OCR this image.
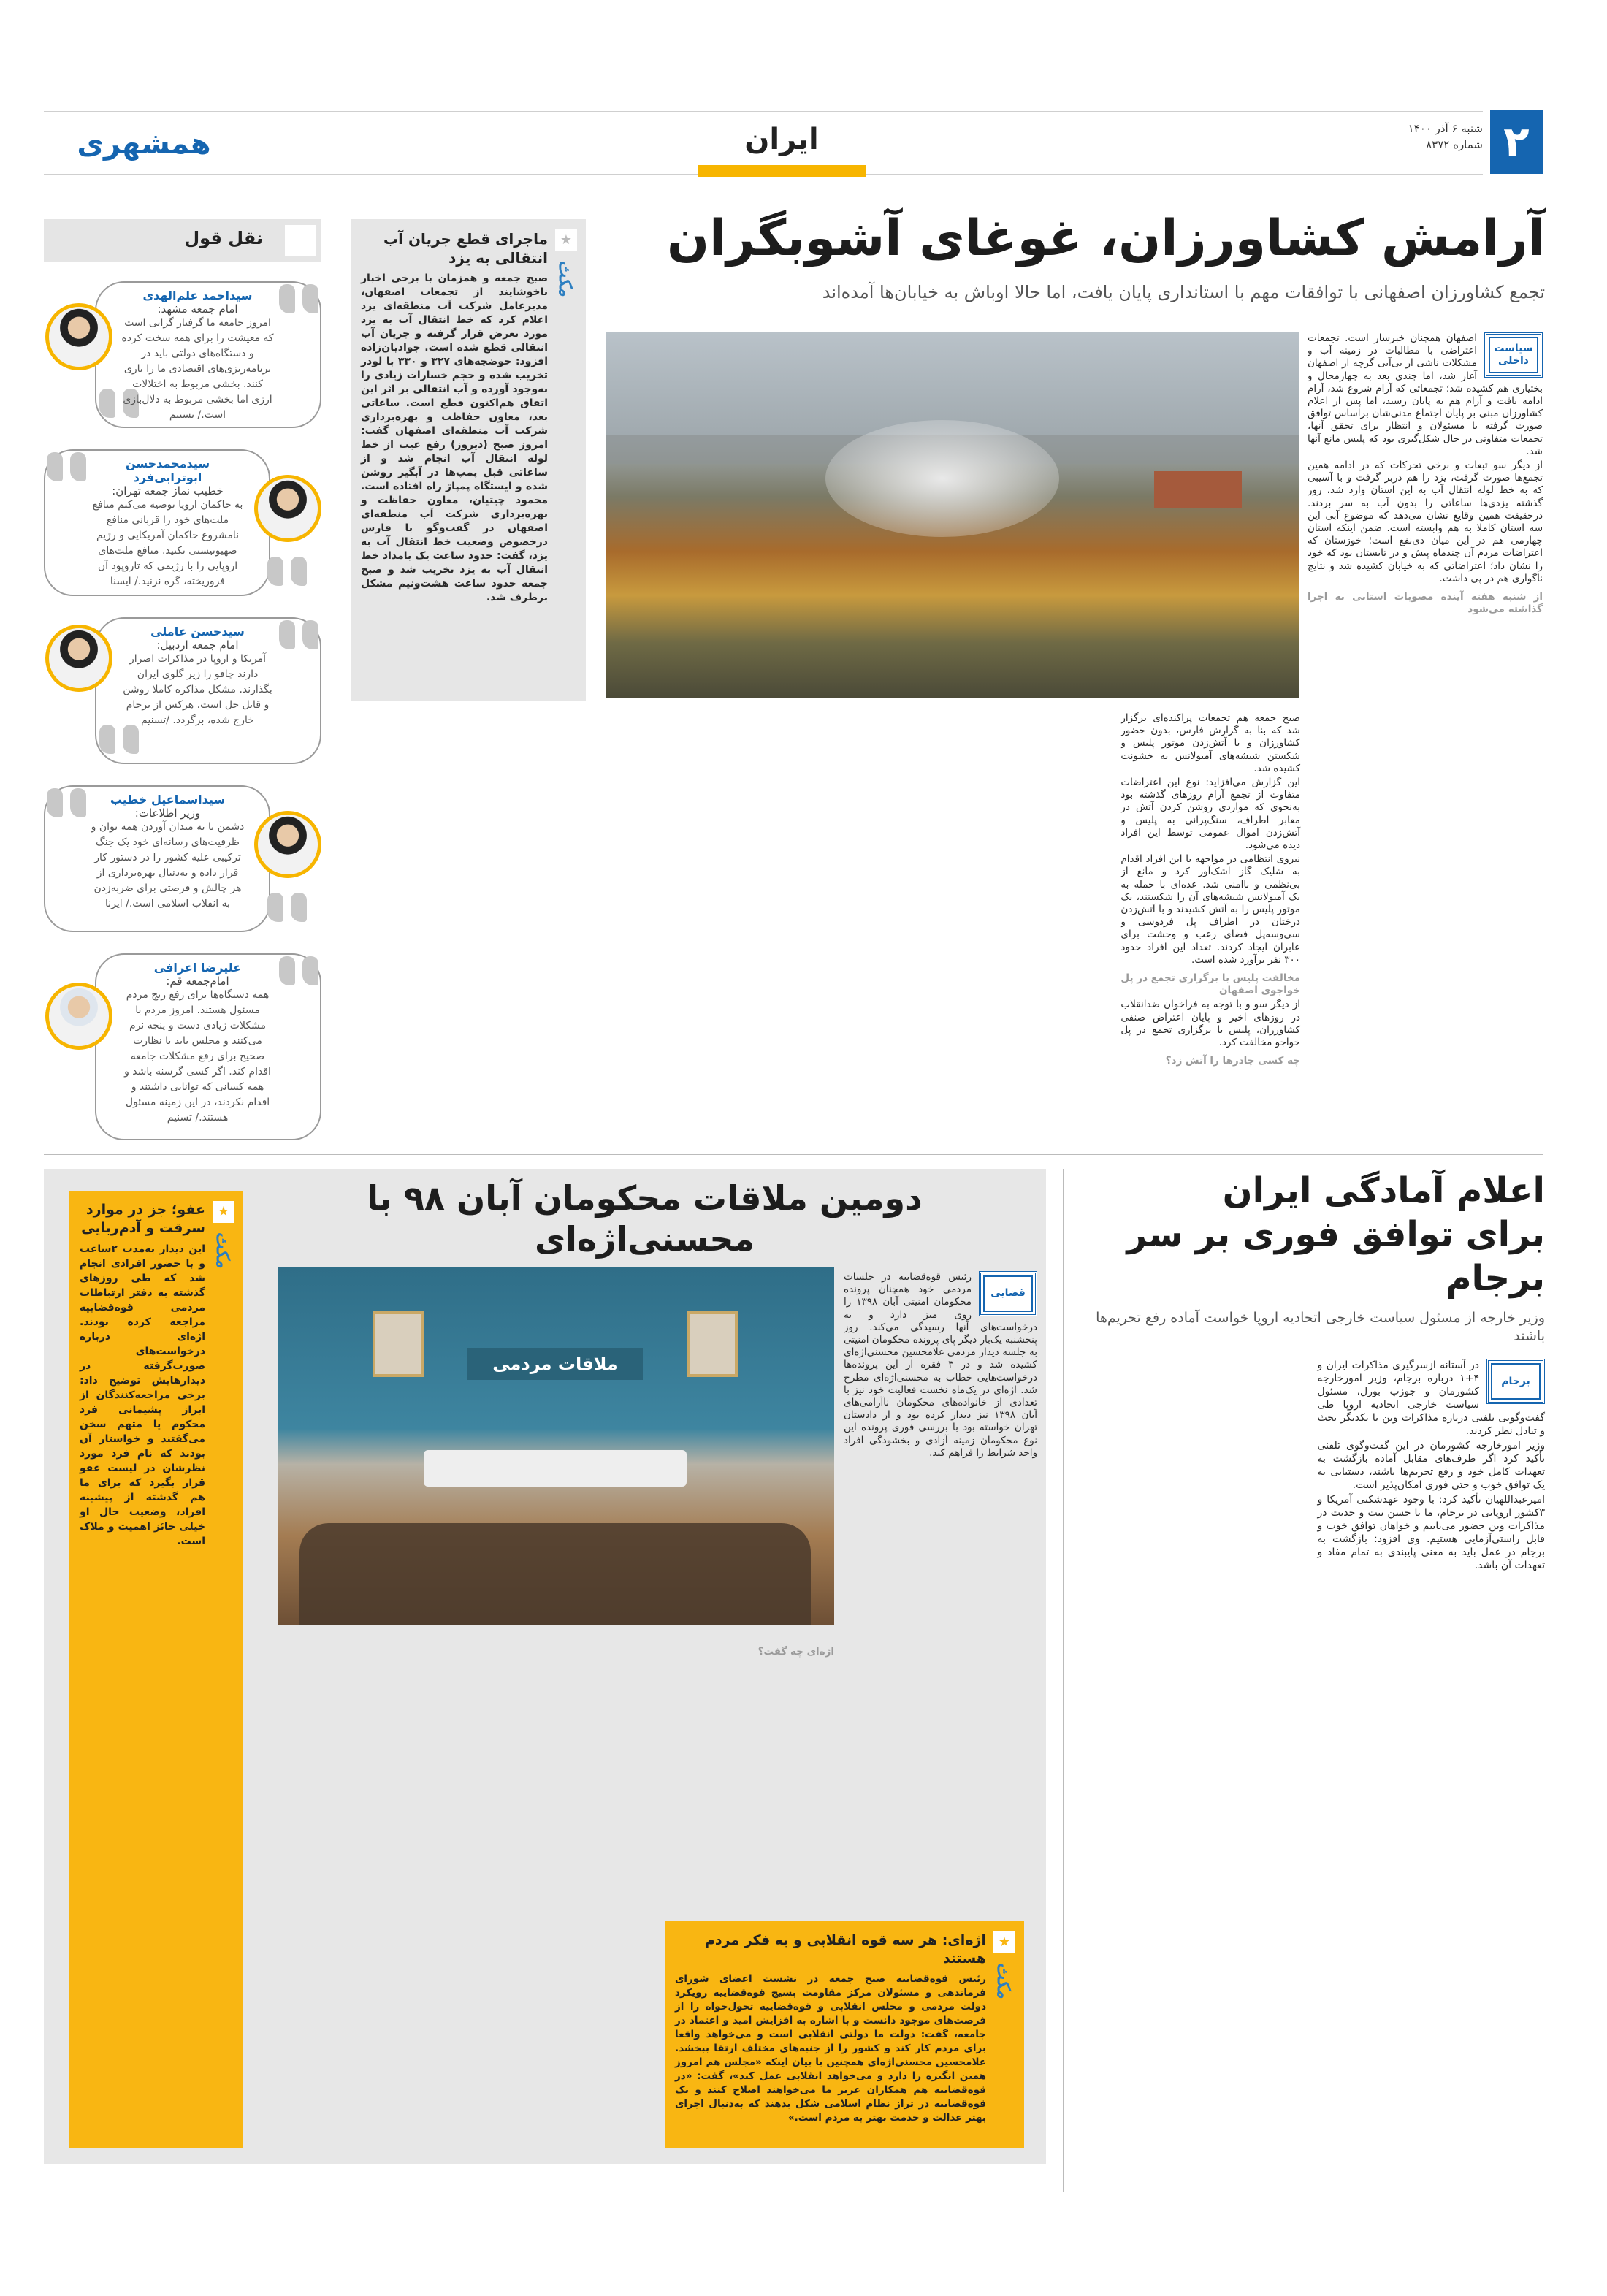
۲
شنبه ۶ آذر ۱۴۰۰
شماره ۸۳۷۲
ایران
همشهری
آرامش کشاورزان، غوغای آشوبگران
تجمع کشاورزان اصفهانی با توافقات مهم با استانداری پایان یافت، اما حالا اوباش به خیابان‌ها آمده‌اند
سیاست داخلی

اصفهان همچنان خبرساز است. تجمعات اعتراضی با مطالبات در زمینه آب و مشکلات ناشی از بی‌آبی گرچه از اصفهان آغاز شد، اما چندی بعد به چهارمحال و بختیاری هم کشیده شد؛ تجمعاتی که آرام شروع شد، آرام ادامه یافت و آرام هم به پایان رسید، اما پس از اعلام کشاورزان مبنی بر پایان اجتماع مدنی‌شان براساس توافق صورت گرفته با مسئولان و انتظار برای تحقق آنها، تجمعات متفاوتی در حال شکل‌گیری بود که پلیس مانع آنها شد.

از دیگر سو تبعات و برخی تحرکات که در ادامه همین تجمع‌ها صورت گرفت، یزد را هم دربر گرفت و با آسیبی که به خط لوله انتقال آب به این استان وارد شد، روز گذشته یزدی‌ها ساعاتی را بدون آب به سر بردند. درحقیقت همین وقایع نشان می‌دهد که موضوع آبی این سه استان کاملا به هم وابسته است. ضمن اینکه استان چهارمی هم در این میان ذی‌نفع است؛ خوزستان که اعتراضات مردم آن چندماه پیش و در تابستان بود که خود را نشان داد؛ اعتراضاتی که به خیابان کشیده شد و نتایج ناگواری هم در پی داشت.

از شنبه هفته آینده مصوبات استانی به اجرا گذاشته می‌شود

صبح جمعه هم تجمعات پراکنده‌ای برگزار شد که بنا به گزارش فارس، بدون حضور کشاورزان و با آتش‌زدن موتور پلیس و شکستن شیشه‌های آمبولانس به خشونت کشیده شد.

این گزارش می‌افزاید: نوع این اعتراضات متفاوت از تجمع آرام روزهای گذشته بود به‌نحوی که مواردی روشن کردن آتش در معابر اطراف، سنگ‌پرانی به پلیس و آتش‌زدن اموال عمومی توسط این افراد دیده می‌شود.

نیروی انتظامی در مواجهه با این افراد اقدام به شلیک گاز اشک‌آور کرد و مانع از بی‌نظمی و ناامنی شد. عده‌ای با حمله به یک آمبولانس شیشه‌های آن را شکستند، یک موتور پلیس را به آتش کشیدند و با آتش‌زدن درختان در اطراف پل فردوسی و سی‌وسه‌پل فضای رعب و وحشت برای عابران ایجاد کردند. تعداد این افراد حدود ۳۰۰ نفر برآورد شده است.

مخالفت پلیس با برگزاری تجمع در پل خواجوی اصفهان

از دیگر سو و با توجه به فراخوان ضدانقلاب در روزهای اخیر و پایان اعتراض صنفی کشاورزان، پلیس با برگزاری تجمع در پل خواجو مخالفت کرد.

چه کسی چادرها را آتش زد؟
★
مکث
ماجرای قطع جریان آب انتقالی به یزد
صبح جمعه و همزمان با برخی اخبار ناخوشایند از تجمعات اصفهان، مدیرعامل شرکت آب منطقه‌ای یزد اعلام کرد که خط انتقال آب به یزد مورد تعرض قرار گرفته و جریان آب انتقالی قطع شده است. جوادیان‌زاده افزود: حوضچه‌های ۳۲۷ و ۳۳۰ با لودر تخریب شده و حجم خسارات زیادی را به‌وجود آورده و آب انتقالی بر اثر این اتفاق هم‌اکنون قطع است. ساعاتی بعد، معاون حفاظت و بهره‌برداری شرکت آب منطقه‌ای اصفهان گفت: امروز صبح (دیروز) رفع عیب از خط لوله انتقال آب انجام شد و از ساعاتی قبل پمپ‌ها در آبگیر روشن شده و ایستگاه پمپاژ راه افتاده است. محمود چیتیان، معاون حفاظت و بهره‌برداری شرکت آب منطقه‌ای اصفهان در گفت‌وگو با فارس درخصوص وضعیت خط انتقال آب به یزد، گفت: حدود ساعت یک بامداد خط انتقال آب به یزد تخریب شد و صبح جمعه حدود ساعت هشت‌ونیم مشکل برطرف شد.
نقل قول
سیداحمد علم‌الهدی
امام جمعه مشهد:
امروز جامعه ما گرفتار گرانی است که معیشت را برای همه سخت کرده و دستگاه‌های دولتی باید در برنامه‌ریزی‌های اقتصادی ما را یاری کنند. بخشی مربوط به اختلالات ارزی اما بخشی مربوط به دلال‌بازی است./ تسنیم
سیدمحمدحسن ابوترابی‌فرد
خطیب نماز جمعه تهران:
به حاکمان اروپا توصیه می‌کنم منافع ملت‌های خود را قربانی منافع نامشروع حاکمان آمریکایی و رژیم صهیونیستی نکنید. منافع ملت‌های اروپایی را با رژیمی که تاروپود آن فروریخته، گره نزنید./ ایسنا
سیدحسن عاملی
امام جمعه اردبیل:
آمریکا و اروپا در مذاکرات اصرار دارند چاقو را زیر گلوی ایران بگذارند. مشکل مذاکره کاملا روشن و قابل حل است. هرکس از برجام خارج شده، برگردد. /تسنیم
سیداسماعیل خطیب
وزیر اطلاعات:
دشمن با به میدان آوردن همه توان و ظرفیت‌های رسانه‌ای خود یک جنگ ترکیبی علیه کشور را در دستور کار قرار داده و به‌دنبال بهره‌برداری از هر چالش و فرصتی برای ضربه‌زدن به انقلاب اسلامی است./ ایرنا
علیرضا اعرافی
امام‌جمعه قم:
همه دستگاه‌ها برای رفع رنج مردم مسئول هستند. امروز مردم با مشکلات زیادی دست و پنجه نرم می‌کنند و مجلس باید با نظارت صحیح برای رفع مشکلات جامعه اقدام کند. اگر کسی گرسنه باشد و همه کسانی که توانایی داشتند و اقدام نکردند، در این زمینه مسئول هستند./ تسنیم
دومین ملاقات محکومان آبان ۹۸ با محسنی‌اژه‌ای
★
مکث
عفو؛ جز در موارد سرقت و آدم‌ربایی
این دیدار به‌مدت ۲ساعت و با حضور افرادی انجام شد که طی روزهای گذشته به دفتر ارتباطات مردمی قوه‌قضاییه مراجعه کرده بودند. اژه‌ای درباره درخواست‌های صورت‌گرفته در دیدارهایش توضیح داد: برخی مراجعه‌کنندگان از ابراز پشیمانی فرد محکوم یا متهم سخن می‌گفتند و خواستار آن بودند که نام فرد مورد نظرشان در لیست عفو قرار بگیرد که برای ما هم گذشته از پیشینه افراد، وضعیت حال او خیلی حائز اهمیت و ملاک است.
ملاقات مردمی
قضایی

رئیس قوه‌قضاییه در جلسات مردمی خود همچنان پرونده محکومان امنیتی آبان ۱۳۹۸ را روی میز دارد و به درخواست‌های آنها رسیدگی می‌کند. روز پنجشنبه یک‌بار دیگر پای پرونده محکومان امنیتی به جلسه دیدار مردمی غلامحسین محسنی‌اژه‌ای کشیده شد و در ۳ فقره از این پرونده‌ها درخواست‌هایی خطاب به محسنی‌اژه‌ای مطرح شد. اژه‌ای در یک‌ماه نخست فعالیت خود نیز با تعدادی از خانواده‌های محکومان ناآرامی‌های آبان ۱۳۹۸ نیز دیدار کرده بود و از دادستان تهران خواسته بود با بررسی فوری پرونده این نوع محکومان زمینه آزادی و بخشودگی افراد واجد شرایط را فراهم کند.

اژه‌ای چه گفت؟
★
مکث
اژه‌ای: هر سه قوه انقلابی و به فکر مردم هستند
رئیس قوه‌قضاییه صبح جمعه در نشست اعضای شورای فرماندهی و مسئولان مرکز مقاومت بسیج قوه‌قضاییه رویکرد دولت مردمی و مجلس انقلابی و قوه‌قضاییه تحول‌خواه را از فرصت‌های موجود دانست و با اشاره به افزایش امید و اعتماد در جامعه، گفت: دولت ما دولتی انقلابی است و می‌خواهد واقعا برای مردم کار کند و کشور را از جنبه‌های مختلف ارتقا ببخشد. غلامحسین محسنی‌اژه‌ای همچنین با بیان اینکه «مجلس هم امروز همین انگیزه را دارد و می‌خواهد انقلابی عمل کند»، گفت: «در قوه‌قضاییه هم همکاران عزیز ما می‌خواهند اصلاح کنند و یک قوه‌قضاییه در تراز نظام اسلامی شکل بدهند که به‌دنبال اجرای بهتر عدالت و خدمت بهتر به مردم است.»
اعلام آمادگی ایران
برای توافق فوری بر سر برجام
وزیر خارجه از مسئول سیاست خارجی اتحادیه اروپا خواست آماده رفع تحریم‌ها باشند
برجام

در آستانه ازسرگیری مذاکرات ایران و ۴+۱ درباره برجام، وزیر امورخارجه کشورمان و جوزپ بورل، مسئول سیاست خارجی اتحادیه اروپا طی گفت‌وگویی تلفنی درباره مذاکرات وین با یکدیگر بحث و تبادل نظر کردند.

وزیر امورخارجه کشورمان در این گفت‌وگوی تلفنی تأکید کرد اگر طرف‌های مقابل آماده بازگشت به تعهدات کامل خود و رفع تحریم‌ها باشند، دستیابی به یک توافق خوب و حتی فوری امکان‌پذیر است.

امیرعبداللهیان تأکید کرد: با وجود عهدشکنی آمریکا و ۳کشور اروپایی در برجام، ما با حسن نیت و جدیت در مذاکرات وین حضور می‌یابیم و خواهان توافق خوب و قابل راستی‌آزمایی هستیم. وی افزود: بازگشت به برجام در عمل باید به معنی پایبندی به تمام مفاد و تعهدات آن باشد.
